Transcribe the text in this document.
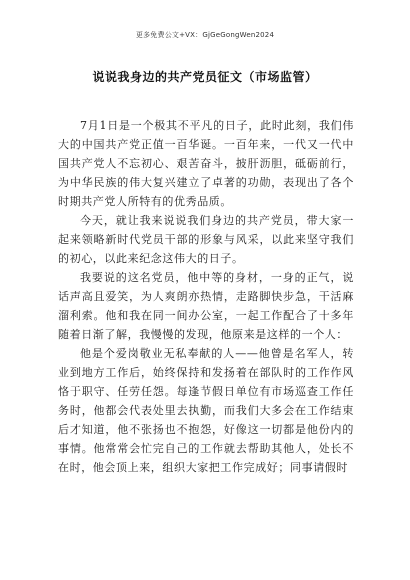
更多免费公文+VX：GjGeGongWen2024
说说我身边的共产党员征文（市场监管）

7月1日是一个极其不平凡的日子，此时此刻，我们伟大的中国共产党正值一百华诞。一百年来，一代又一代中国共产党人不忘初心、艰苦奋斗，披肝沥胆，砥砺前行，为中华民族的伟大复兴建立了卓著的功勋，表现出了各个时期共产党人所特有的优秀品质。

今天，就让我来说说我们身边的共产党员，带大家一起来领略新时代党员干部的形象与风采，以此来坚守我们的初心，以此来纪念这伟大的日子。

我要说的这名党员，他中等的身材，一身的正气，说话声高且爱笑，为人爽朗亦热情，走路脚快步急，干活麻溜利索。他和我在同一间办公室，一起工作配合了十多年随着日渐了解，我慢慢的发现，他原来是这样的一个人：

他是个爱岗敬业无私奉献的人——他曾是名军人，转业到地方工作后，始终保持和发扬着在部队时的工作作风恪于职守、任劳任怨。每逢节假日单位有市场巡查工作任务时，他都会代表处里去执勤，而我们大多会在工作结束后才知道，他不张扬也不抱怨，好像这一切都是他份内的事情。他常常会忙完自己的工作就去帮助其他人，处长不在时，他会顶上来，组织大家把工作完成好；同事请假时
